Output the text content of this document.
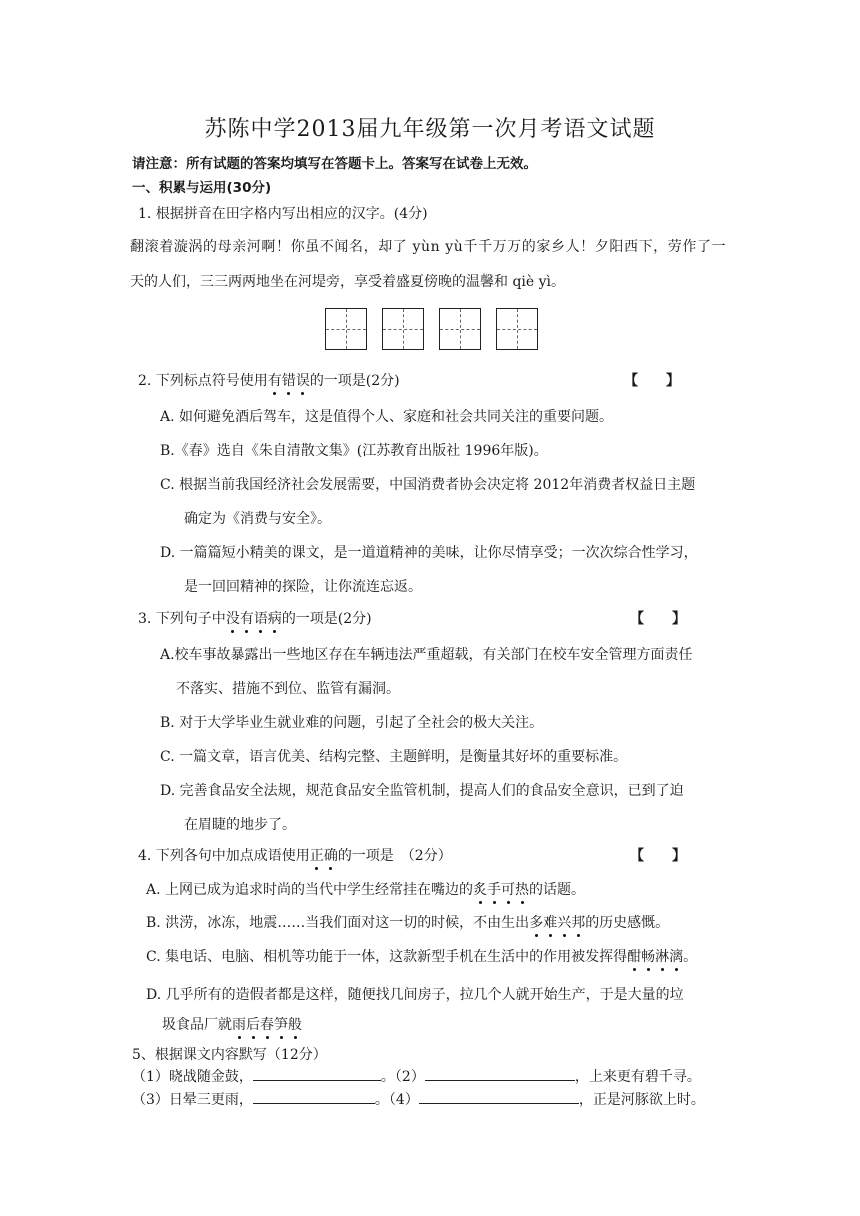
苏陈中学2013届九年级第一次月考语文试题
请注意：所有试题的答案均填写在答题卡上。答案写在试卷上无效。
一、积累与运用(30分)
1. 根据拼音在田字格内写出相应的汉字。(4分)
翻滚着漩涡的母亲河啊！你虽不闻名，却了 yùn yù千千万万的家乡人！夕阳西下，劳作了一
天的人们，三三两两地坐在河堤旁，享受着盛夏傍晚的温馨和 qiè yì。
2. 下列标点符号使用有错误的一项是(2分)	【　　】
A. 如何避免酒后驾车，这是值得个人、家庭和社会共同关注的重要问题。
B.《春》选自《朱自清散文集》(江苏教育出版社 1996年版)。
C. 根据当前我国经济社会发展需要，中国消费者协会决定将 2012年消费者权益日主题
确定为《消费与安全》。
D. 一篇篇短小精美的课文，是一道道精神的美味，让你尽情享受；一次次综合性学习，
是一回回精神的探险，让你流连忘返。
3. 下列句子中没有语病的一项是(2分)	【　　】
A.校车事故暴露出一些地区存在车辆违法严重超载，有关部门在校车安全管理方面责任
不落实、措施不到位、监管有漏洞。
B. 对于大学毕业生就业难的问题，引起了全社会的极大关注。
C. 一篇文章，语言优美、结构完整、主题鲜明，是衡量其好坏的重要标准。
D. 完善食品安全法规，规范食品安全监管机制，提高人们的食品安全意识，已到了迫
在眉睫的地步了。
4. 下列各句中加点成语使用正确的一项是　（2分）	【　　】
A. 上网已成为追求时尚的当代中学生经常挂在嘴边的炙手可热的话题。
B. 洪涝，冰冻，地震……当我们面对这一切的时候，不由生出多难兴邦的历史感慨。
C. 集电话、电脑、相机等功能于一体，这款新型手机在生活中的作用被发挥得酣畅淋漓。
D. 几乎所有的造假者都是这样，随便找几间房子，拉几个人就开始生产，于是大量的垃
圾食品厂就雨后春笋般
5、根据课文内容默写（12分）
（1）晓战随金鼓，	。（2）	，上来更有碧千寻。
（3）日晕三更雨，	。（4）	，正是河豚欲上时。
